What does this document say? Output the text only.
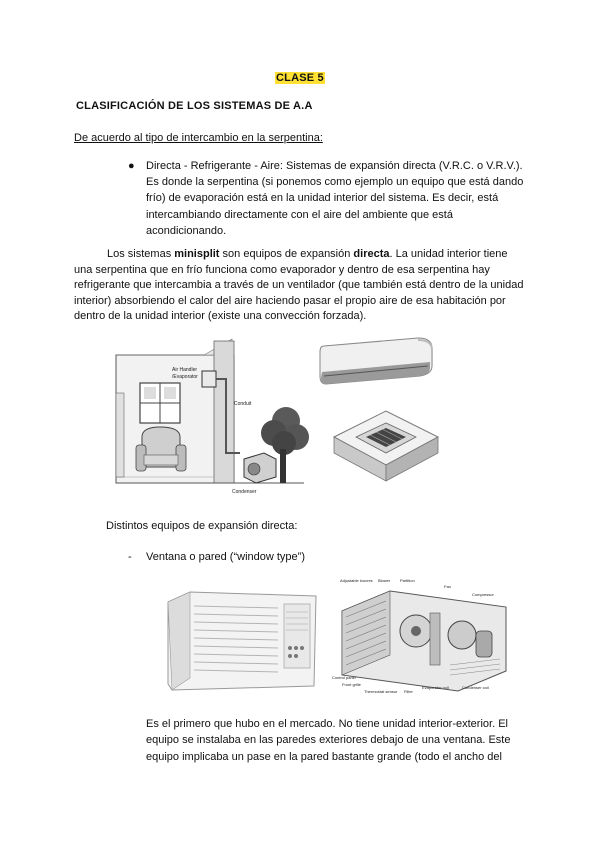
CLASE 5
CLASIFICACIÓN DE LOS SISTEMAS DE A.A
De acuerdo al tipo de intercambio en la serpentina:
● Directa - Refrigerante - Aire: Sistemas de expansión directa (V.R.C. o V.R.V.).
Es donde la serpentina (si ponemos como ejemplo un equipo que está dando
frío) de evaporación está en la unidad interior del sistema. Es decir, está
intercambiando directamente con el aire del ambiente que está
acondicionando.

Los sistemas minisplit son equipos de expansión directa. La unidad interior tiene

una serpentina que en frío funciona como evaporador y dentro de esa serpentina hay

refrigerante que intercambia a través de un ventilador (que también está dentro de la unidad

interior) absorbiendo el calor del aire haciendo pasar el propio aire de esa habitación por

dentro de la unidad interior (existe una convección forzada).

Air Handler
/Evaporator
Conduit
Condenser
Distintos equipos de expansión directa:
- Ventana o pared (“window type”)
Adjustable louvres Blower Partition
Fan
Compressor
Control panel
Front grille
Thermostat sensor Filter
Evaporator coil	Condenser coil
Es el primero que hubo en el mercado. No tiene unidad interior-exterior. El
equipo se instalaba en las paredes exteriores debajo de una ventana. Este
equipo implicaba un pase en la pared bastante grande (todo el ancho del
